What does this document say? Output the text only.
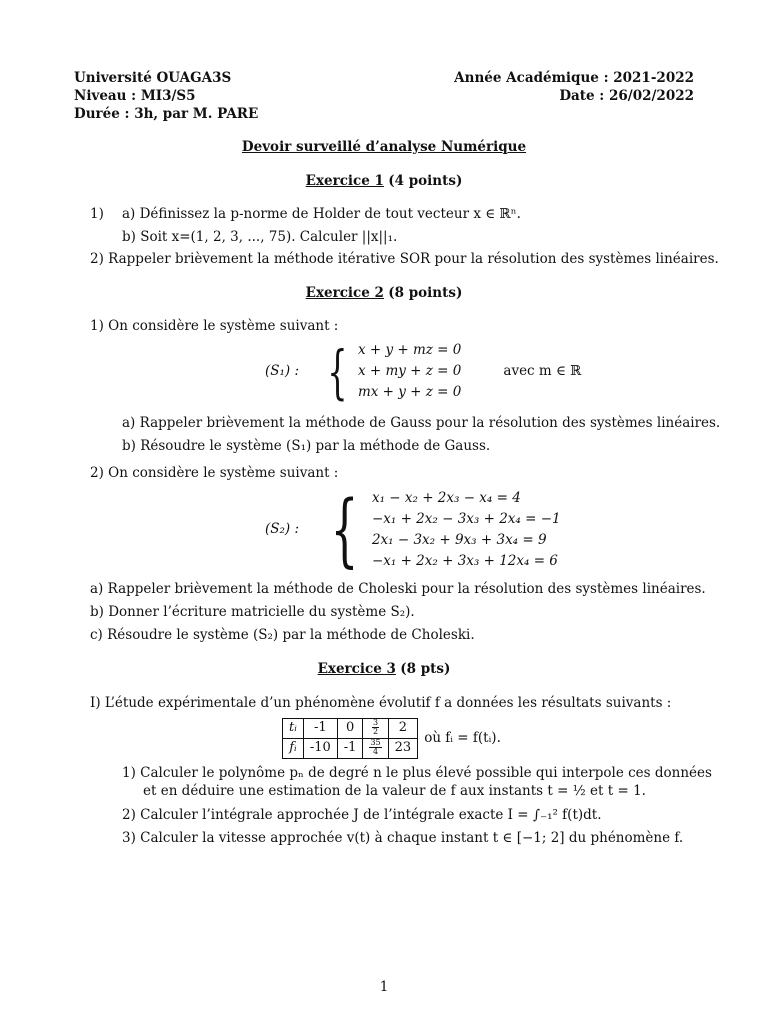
Université OUAGA3S
Niveau : MI3/S5
Durée : 3h, par M. PARE
Année Académique : 2021-2022
Date : 26/02/2022
Devoir surveillé d’analyse Numérique
Exercice 1 (4 points)
1) a) Définissez la p-norme de Holder de tout vecteur x ∈ ℝⁿ.
b) Soit x=(1, 2, 3, ..., 75). Calculer ||x||₁.
2) Rappeler brièvement la méthode itérative SOR pour la résolution des systèmes linéaires.
Exercice 2 (8 points)
1) On considère le système suivant :
(S₁) : { x + y + mz = 0
x + my + z = 0
mx + y + z = 0
avec m ∈ ℝ
a) Rappeler brièvement la méthode de Gauss pour la résolution des systèmes linéaires.
b) Résoudre le système (S₁) par la méthode de Gauss.
2) On considère le système suivant :
(S₂) : { x₁ − x₂ + 2x₃ − x₄ = 4
−x₁ + 2x₂ − 3x₃ + 2x₄ = −1
2x₁ − 3x₂ + 9x₃ + 3x₄ = 9
−x₁ + 2x₂ + 3x₃ + 12x₄ = 6
a) Rappeler brièvement la méthode de Choleski pour la résolution des systèmes linéaires.
b) Donner l’écriture matricielle du système S₂).
c) Résoudre le système (S₂) par la méthode de Choleski.
Exercice 3 (8 pts)
I) L’étude expérimentale d’un phénomène évolutif f a données les résultats suivants :
tᵢ	-1	0	$\frac{3}{2}$	2
fᵢ	-10	-1	$\frac{35}{4}$	23
où fᵢ = f(tᵢ).
1) Calculer le polynôme pₙ de degré n le plus élevé possible qui interpole ces données
et en déduire une estimation de la valeur de f aux instants t = ½ et t = 1.
2) Calculer l’intégrale approchée J de l’intégrale exacte I = ∫₋₁² f(t)dt.
3) Calculer la vitesse approchée v(t) à chaque instant t ∈ [−1; 2] du phénomène f.
1
